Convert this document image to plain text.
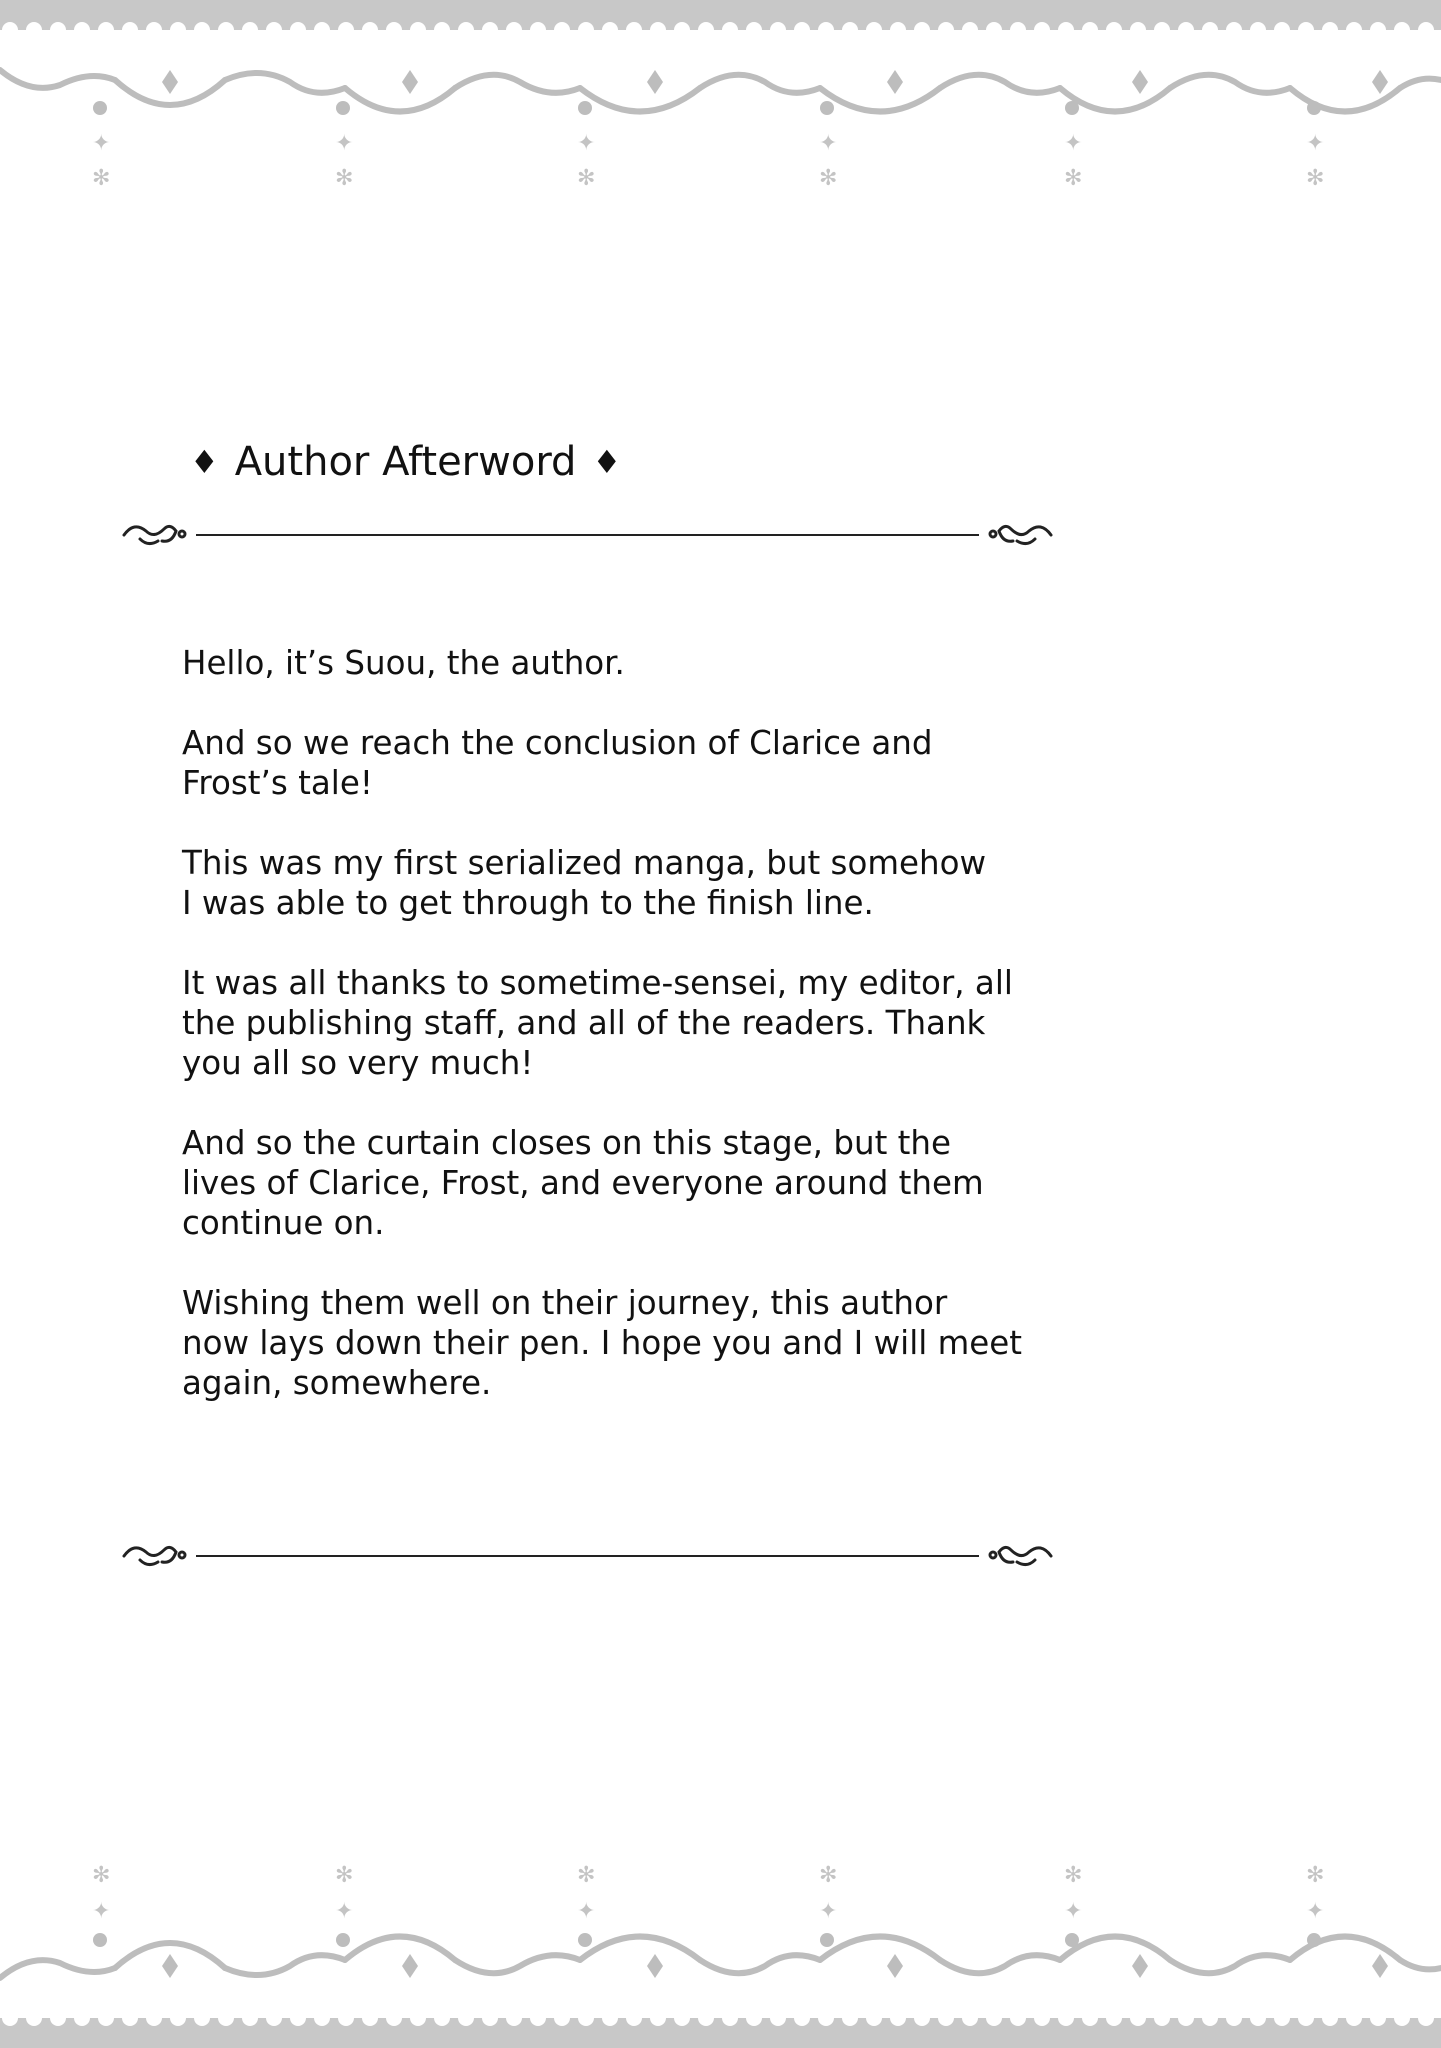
✦
✻
✦
✻
✦
✻
✦
✻
✦
✻
✦
✻
♦ Author Afterword ♦

Hello, it’s Suou, the author.

And so we reach the conclusion of Clarice and
Frost’s tale!

This was my first serialized manga, but somehow
I was able to get through to the finish line.

It was all thanks to sometime-sensei, my editor, all
the publishing staff, and all of the readers. Thank
you all so very much!

And so the curtain closes on this stage, but the
lives of Clarice, Frost, and everyone around them
continue on.

Wishing them well on their journey, this author
now lays down their pen. I hope you and I will meet
again, somewhere.

✻
✦
✻
✦
✻
✦
✻
✦
✻
✦
✻
✦
